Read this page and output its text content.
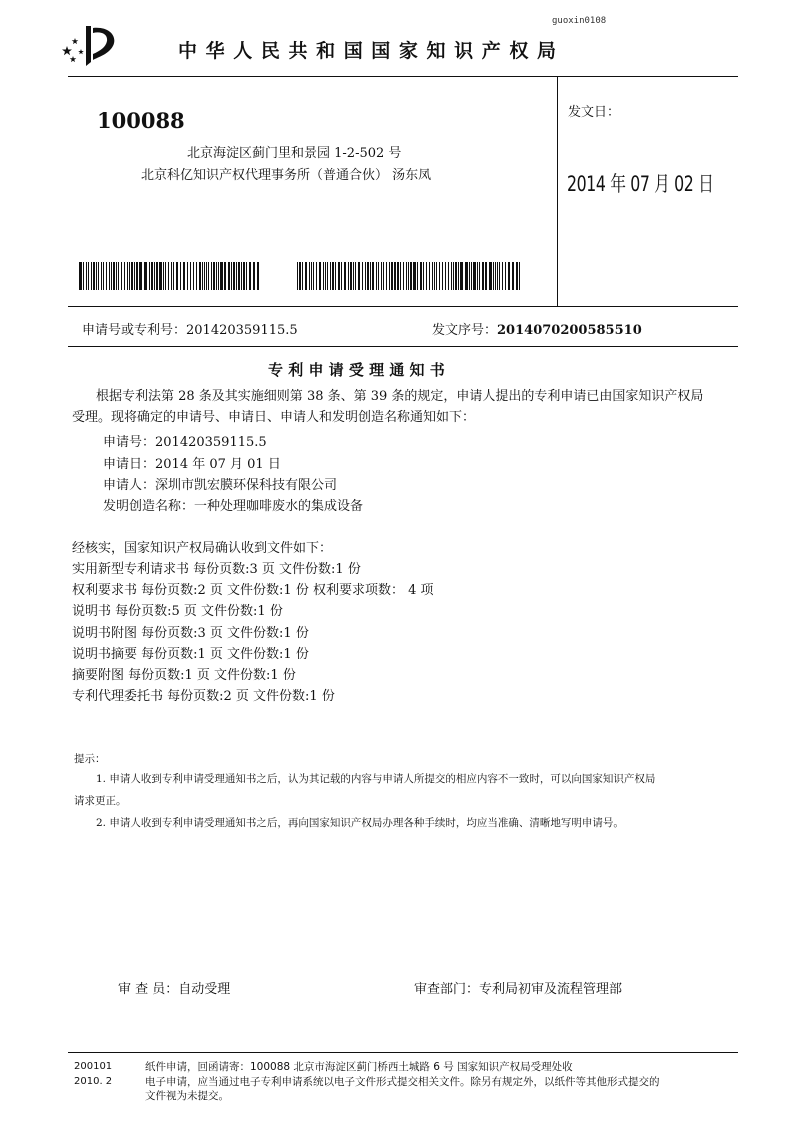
guoxin0108
中 华 人 民 共 和 国 国 家 知 识 产 权 局
100088
北京海淀区蓟门里和景园 1-2-502 号
北京科亿知识产权代理事务所（普通合伙） 汤东凤
发文日：
2014 年 07 月 02 日
申请号或专利号：201420359115.5	发文序号：2014070200585510
专 利 申 请 受 理 通 知 书
根据专利法第 28 条及其实施细则第 38 条、第 39 条的规定，申请人提出的专利申请已由国家知识产权局
受理。现将确定的申请号、申请日、申请人和发明创造名称通知如下：
申请号：201420359115.5
申请日：2014 年 07 月 01 日
申请人：深圳市凯宏膜环保科技有限公司
发明创造名称：一种处理咖啡废水的集成设备
经核实，国家知识产权局确认收到文件如下：
实用新型专利请求书 每份页数:3 页 文件份数:1 份
权利要求书 每份页数:2 页 文件份数:1 份 权利要求项数： 4 项
说明书 每份页数:5 页 文件份数:1 份
说明书附图 每份页数:3 页 文件份数:1 份
说明书摘要 每份页数:1 页 文件份数:1 份
摘要附图 每份页数:1 页 文件份数:1 份
专利代理委托书 每份页数:2 页 文件份数:1 份
提示：
1. 申请人收到专利申请受理通知书之后，认为其记载的内容与申请人所提交的相应内容不一致时，可以向国家知识产权局
请求更正。
2. 申请人收到专利申请受理通知书之后，再向国家知识产权局办理各种手续时，均应当准确、清晰地写明申请号。
审 查 员：自动受理	审查部门：专利局初审及流程管理部
200101
2010. 2
纸件申请，回函请寄：100088 北京市海淀区蓟门桥西土城路 6 号 国家知识产权局受理处收
电子申请，应当通过电子专利申请系统以电子文件形式提交相关文件。除另有规定外，以纸件等其他形式提交的
文件视为未提交。
